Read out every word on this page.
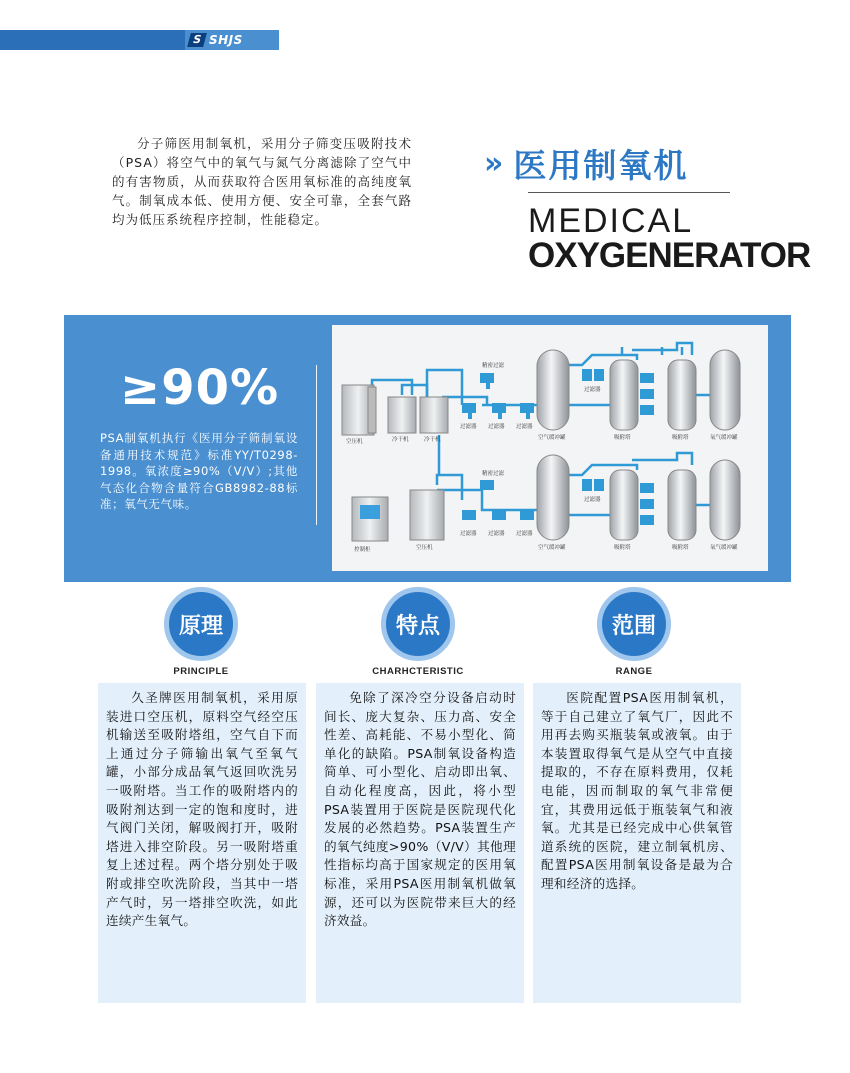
S SHJS
分子筛医用制氧机，采用分子筛变压吸附技术（PSA）将空气中的氧气与氮气分离滤除了空气中的有害物质，从而获取符合医用氧标准的高纯度氧气。制氧成本低、使用方便、安全可靠，全套气路均为低压系统程序控制，性能稳定。
» 医用制氧机
MEDICAL
OXYGENERATOR
≥90%
PSA制氧机执行《医用分子筛制氧设备通用技术规范》标准YY/T0298-1998。氧浓度≥90%（V/V）;其他气态化合物含量符合GB8982-88标准；氧气无气味。
空压机	冷干机	冷干机
过滤器 过滤器 过滤器
精密过滤
过滤器
空气缓冲罐	吸附塔	吸附塔	氧气缓冲罐
控制柜	空压机
过滤器 过滤器 过滤器
精密过滤
过滤器
空气缓冲罐	吸附塔	吸附塔	氧气缓冲罐
原理
PRINCIPLE

久圣牌医用制氧机，采用原装进口空压机，原料空气经空压机输送至吸附塔组，空气自下而上通过分子筛输出氧气至氧气罐，小部分成品氧气返回吹洗另一吸附塔。当工作的吸附塔内的吸附剂达到一定的饱和度时，进气阀门关闭，解吸阀打开，吸附塔进入排空阶段。另一吸附塔重复上述过程。两个塔分别处于吸附或排空吹洗阶段，当其中一塔产气时，另一塔排空吹洗，如此连续产生氧气。

特点
CHARHCTERISTIC

免除了深冷空分设备启动时间长、庞大复杂、压力高、安全性差、高耗能、不易小型化、简单化的缺陷。PSA制氧设备构造简单、可小型化、启动即出氧、自动化程度高，因此，将小型PSA装置用于医院是医院现代化发展的必然趋势。PSA装置生产的氧气纯度>90%（V/V）其他理性指标均高于国家规定的医用氧标准，采用PSA医用制氧机做氧源，还可以为医院带来巨大的经济效益。

范围
RANGE

医院配置PSA医用制氧机，等于自己建立了氧气厂，因此不用再去购买瓶装氧或液氧。由于本装置取得氧气是从空气中直接提取的，不存在原料费用，仅耗电能，因而制取的氧气非常便宜，其费用远低于瓶装氧气和液氧。尤其是已经完成中心供氧管道系统的医院，建立制氧机房、配置PSA医用制氧设备是最为合理和经济的选择。
